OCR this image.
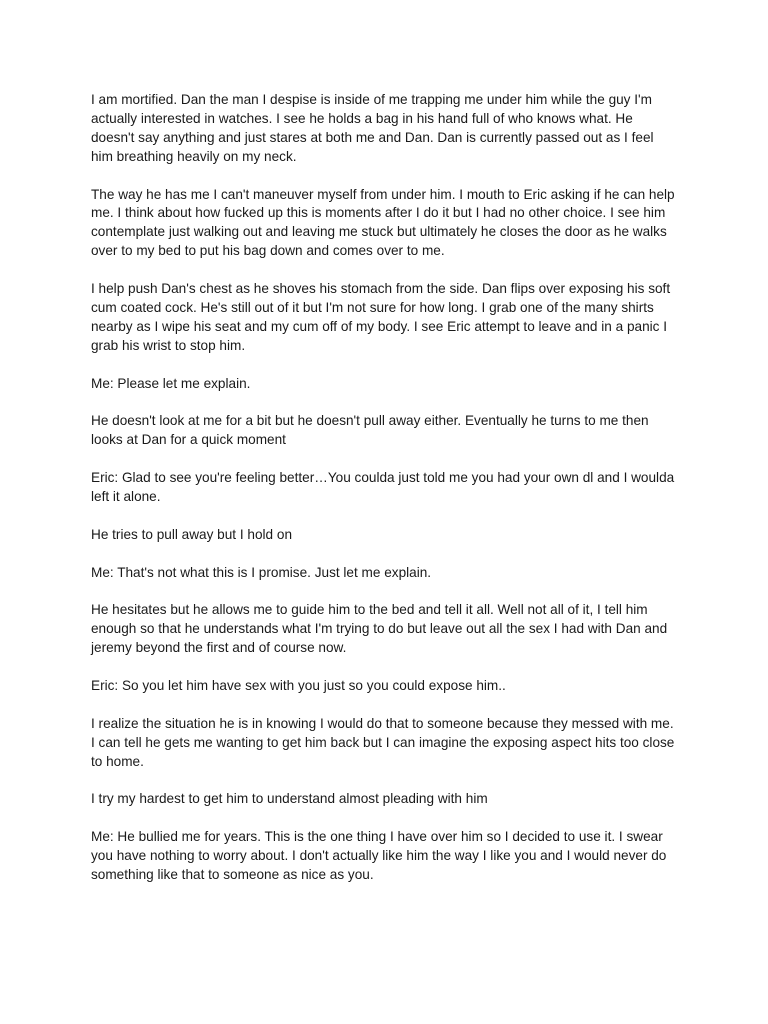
I am mortified. Dan the man I despise is inside of me trapping me under him while the guy I'm actually interested in watches. I see he holds a bag in his hand full of who knows what. He doesn't say anything and just stares at both me and Dan. Dan is currently passed out as I feel him breathing heavily on my neck.

The way he has me I can't maneuver myself from under him. I mouth to Eric asking if he can help me. I think about how fucked up this is moments after I do it but I had no other choice. I see him contemplate just walking out and leaving me stuck but ultimately he closes the door as he walks over to my bed to put his bag down and comes over to me.

I help push Dan's chest as he shoves his stomach from the side. Dan flips over exposing his soft cum coated cock. He's still out of it but I'm not sure for how long. I grab one of the many shirts nearby as I wipe his seat and my cum off of my body. I see Eric attempt to leave and in a panic I grab his wrist to stop him.

Me: Please let me explain.

He doesn't look at me for a bit but he doesn't pull away either. Eventually he turns to me then looks at Dan for a quick moment

Eric: Glad to see you're feeling better…You coulda just told me you had your own dl and I woulda left it alone.

He tries to pull away but I hold on

Me: That's not what this is I promise. Just let me explain.

He hesitates but he allows me to guide him to the bed and tell it all. Well not all of it, I tell him enough so that he understands what I'm trying to do but leave out all the sex I had with Dan and jeremy beyond the first and of course now.

Eric: So you let him have sex with you just so you could expose him..

I realize the situation he is in knowing I would do that to someone because they messed with me. I can tell he gets me wanting to get him back but I can imagine the exposing aspect hits too close to home.

I try my hardest to get him to understand almost pleading with him

Me: He bullied me for years. This is the one thing I have over him so I decided to use it. I swear you have nothing to worry about. I don't actually like him the way I like you and I would never do something like that to someone as nice as you.
